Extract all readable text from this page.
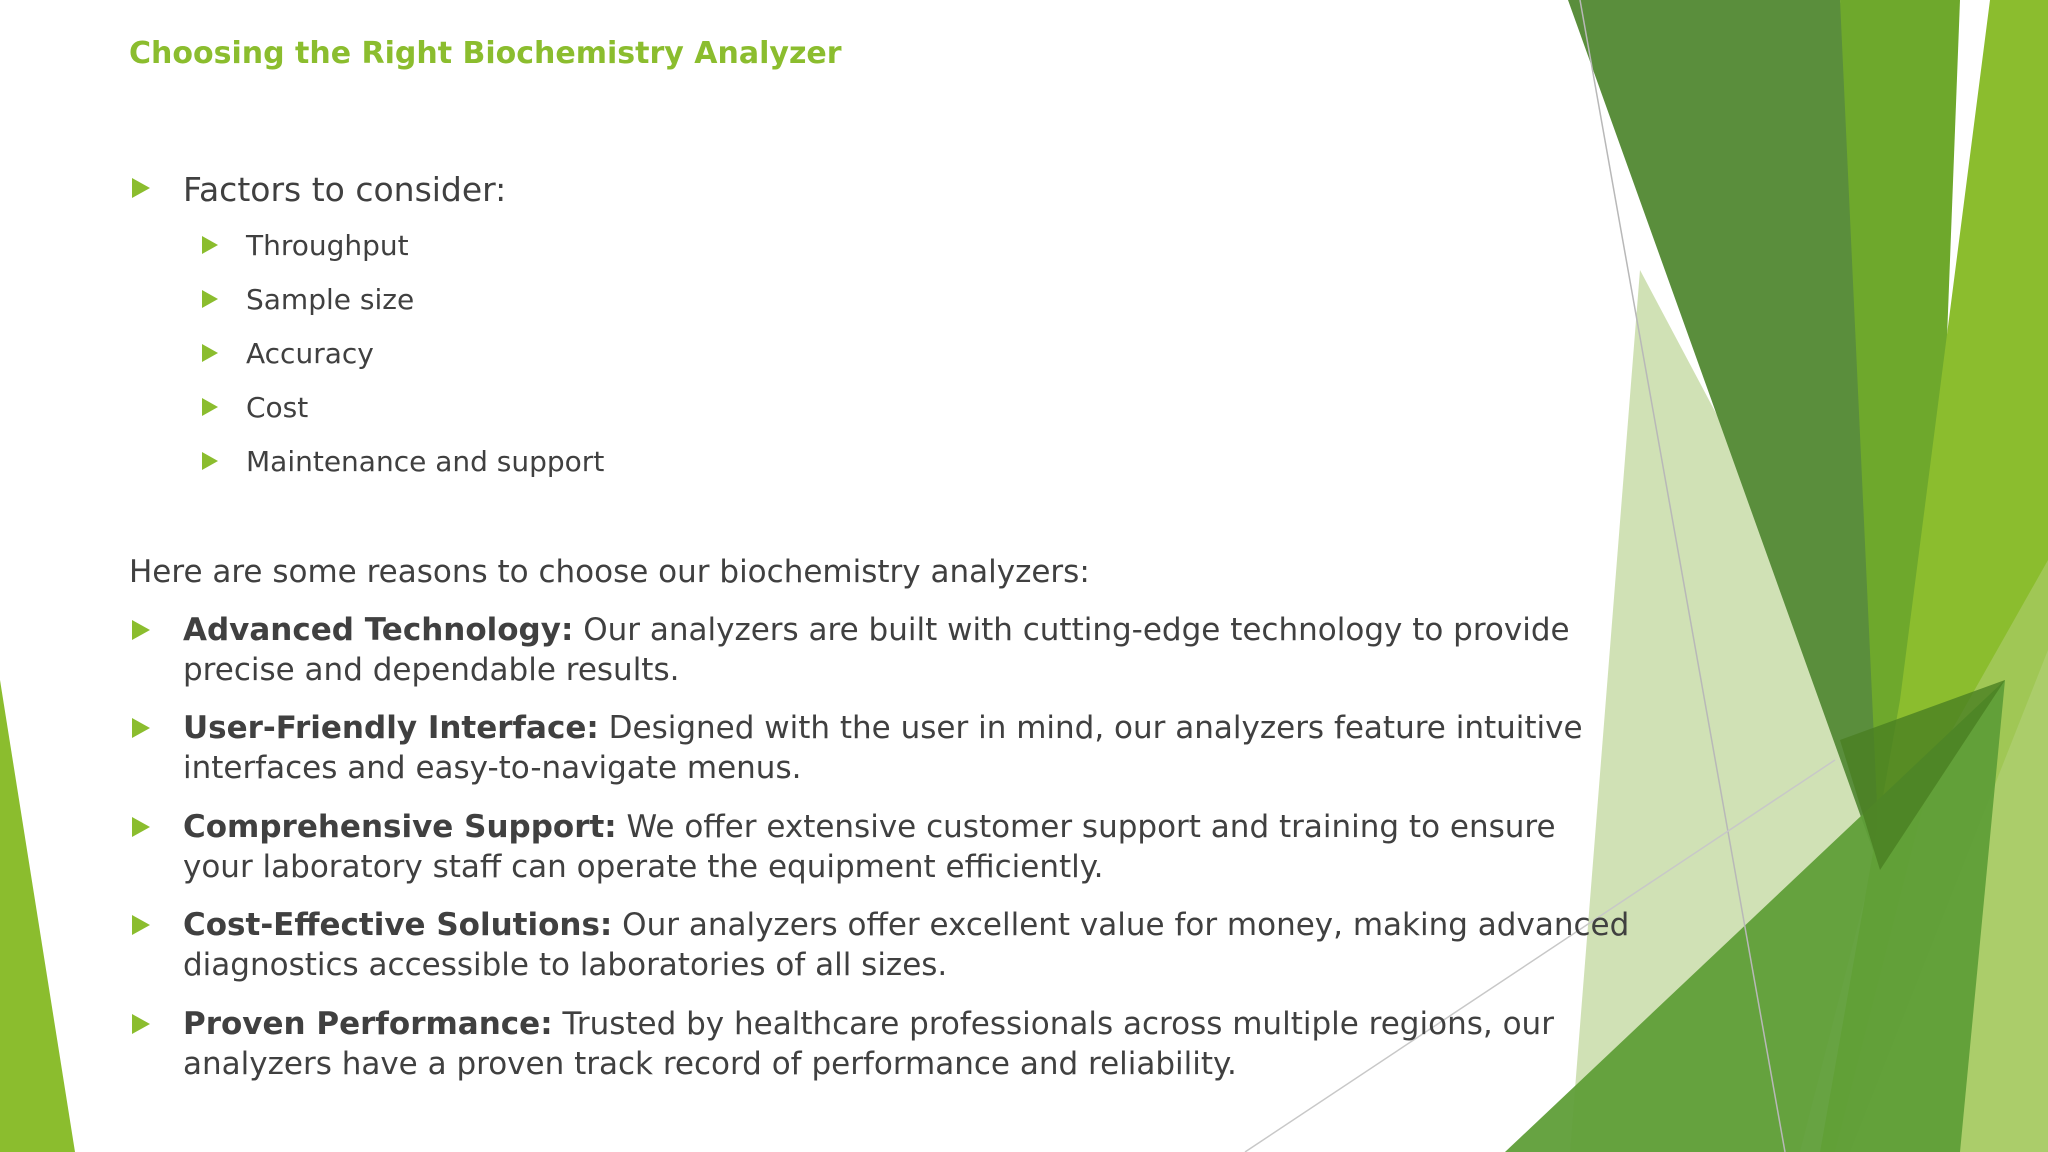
Choosing the Right Biochemistry Analyzer
Factors to consider:
Throughput
Sample size
Accuracy
Cost
Maintenance and support
Here are some reasons to choose our biochemistry analyzers:
Advanced Technology: Our analyzers are built with cutting-edge technology to provide
precise and dependable results.
User-Friendly Interface: Designed with the user in mind, our analyzers feature intuitive
interfaces and easy-to-navigate menus.
Comprehensive Support: We offer extensive customer support and training to ensure
your laboratory staff can operate the equipment efficiently.
Cost-Effective Solutions: Our analyzers offer excellent value for money, making advanced
diagnostics accessible to laboratories of all sizes.
Proven Performance: Trusted by healthcare professionals across multiple regions, our
analyzers have a proven track record of performance and reliability.
